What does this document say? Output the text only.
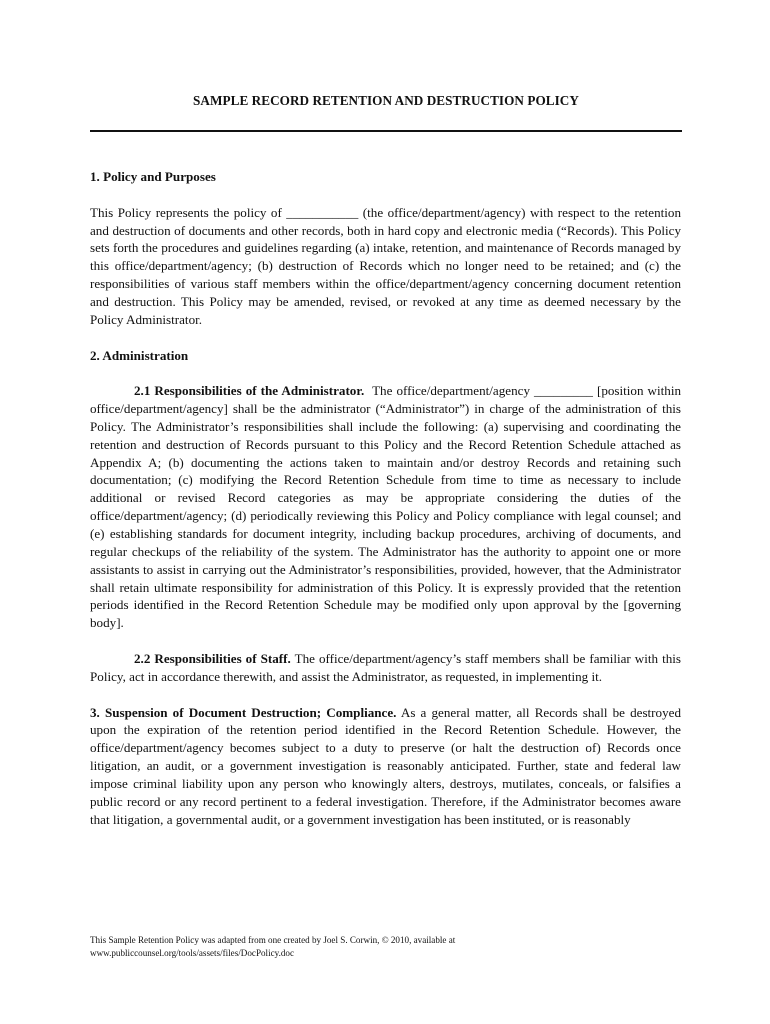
SAMPLE RECORD RETENTION AND DESTRUCTION POLICY

1. Policy and Purposes

This Policy represents the policy of ___________ (the office/department/agency) with respect to the retention and destruction of documents and other records, both in hard copy and electronic media (“Records). This Policy sets forth the procedures and guidelines regarding (a) intake, retention, and maintenance of Records managed by this office/department/agency; (b) destruction of Records which no longer need to be retained; and (c) the responsibilities of various staff members within the office/department/agency concerning document retention and destruction. This Policy may be amended, revised, or revoked at any time as deemed necessary by the Policy Administrator.

2. Administration

2.1 Responsibilities of the Administrator. The office/department/agency _________ [position within office/department/agency] shall be the administrator (“Administrator”) in charge of the administration of this Policy. The Administrator’s responsibilities shall include the following: (a) supervising and coordinating the retention and destruction of Records pursuant to this Policy and the Record Retention Schedule attached as Appendix A; (b) documenting the actions taken to maintain and/or destroy Records and retaining such documentation; (c) modifying the Record Retention Schedule from time to time as necessary to include additional or revised Record categories as may be appropriate considering the duties of the office/department/agency; (d) periodically reviewing this Policy and Policy compliance with legal counsel; and (e) establishing standards for document integrity, including backup procedures, archiving of documents, and regular checkups of the reliability of the system. The Administrator has the authority to appoint one or more assistants to assist in carrying out the Administrator’s responsibilities, provided, however, that the Administrator shall retain ultimate responsibility for administration of this Policy. It is expressly provided that the retention periods identified in the Record Retention Schedule may be modified only upon approval by the [governing body].

2.2 Responsibilities of Staff. The office/department/agency’s staff members shall be familiar with this Policy, act in accordance therewith, and assist the Administrator, as requested, in implementing it.

3. Suspension of Document Destruction; Compliance. As a general matter, all Records shall be destroyed upon the expiration of the retention period identified in the Record Retention Schedule. However, the office/department/agency becomes subject to a duty to preserve (or halt the destruction of) Records once litigation, an audit, or a government investigation is reasonably anticipated. Further, state and federal law impose criminal liability upon any person who knowingly alters, destroys, mutilates, conceals, or falsifies a public record or any record pertinent to a federal investigation. Therefore, if the Administrator becomes aware that litigation, a governmental audit, or a government investigation has been instituted, or is reasonably

This Sample Retention Policy was adapted from one created by Joel S. Corwin, © 2010, available at
www.publiccounsel.org/tools/assets/files/DocPolicy.doc
